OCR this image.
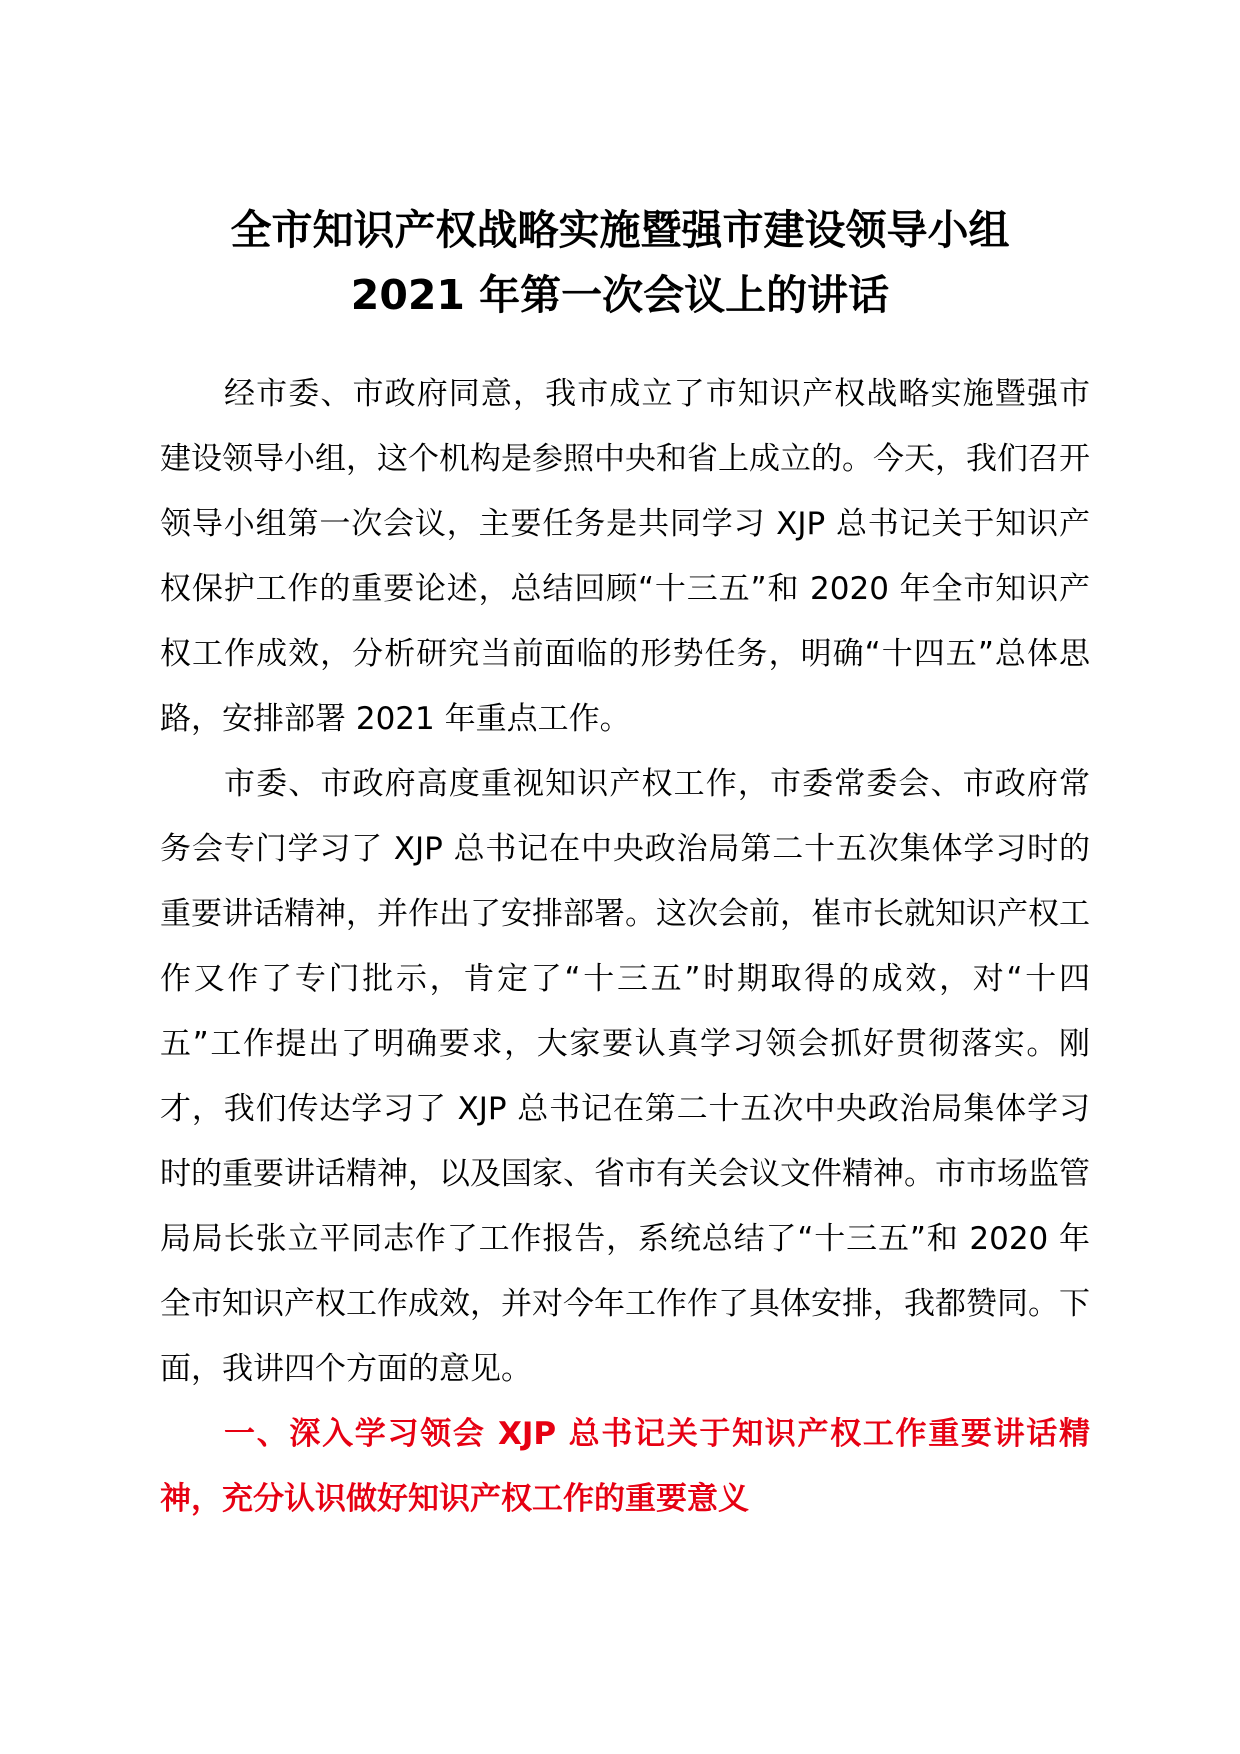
全市知识产权战略实施暨强市建设领导小组
2021 年第一次会议上的讲话

经市委、市政府同意，我市成立了市知识产权战略实施暨强市建设领导小组，这个机构是参照中央和省上成立的。今天，我们召开领导小组第一次会议，主要任务是共同学习 XJP 总书记关于知识产权保护工作的重要论述，总结回顾“十三五”和 2020 年全市知识产权工作成效，分析研究当前面临的形势任务，明确“十四五”总体思路，安排部署 2021 年重点工作。

市委、市政府高度重视知识产权工作，市委常委会、市政府常务会专门学习了 XJP 总书记在中央政治局第二十五次集体学习时的重要讲话精神，并作出了安排部署。这次会前，崔市长就知识产权工作又作了专门批示，肯定了“十三五”时期取得的成效，对“十四五”工作提出了明确要求，大家要认真学习领会抓好贯彻落实。刚才，我们传达学习了 XJP 总书记在第二十五次中央政治局集体学习时的重要讲话精神，以及国家、省市有关会议文件精神。市市场监管局局长张立平同志作了工作报告，系统总结了“十三五”和 2020 年全市知识产权工作成效，并对今年工作作了具体安排，我都赞同。下面，我讲四个方面的意见。

一、深入学习领会 XJP 总书记关于知识产权工作重要讲话精神，充分认识做好知识产权工作的重要意义
